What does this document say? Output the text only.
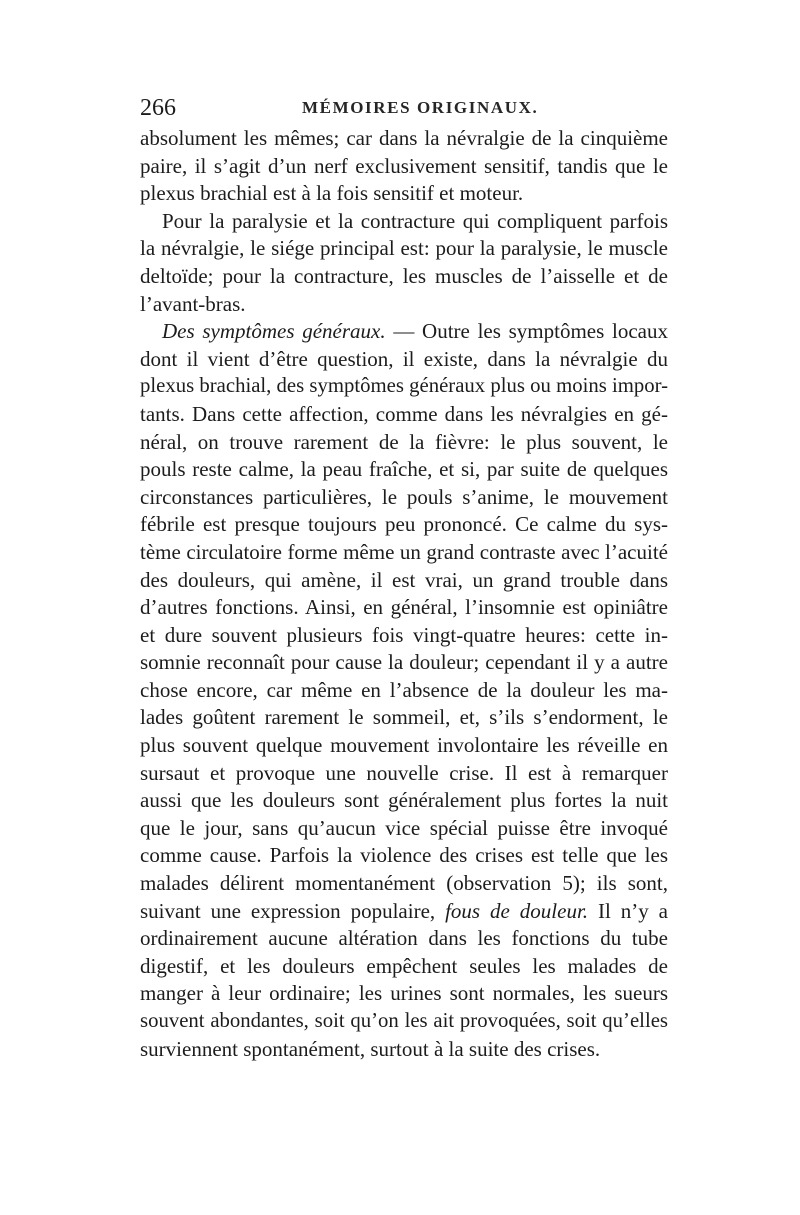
266	MÉMOIRES ORIGINAUX.
absolument les mêmes; car dans la névralgie de la cinquième
paire, il s’agit d’un nerf exclusivement sensitif, tandis que le
plexus brachial est à la fois sensitif et moteur.
Pour la paralysie et la contracture qui compliquent parfois
la névralgie, le siége principal est: pour la paralysie, le muscle
deltoïde; pour la contracture, les muscles de l’aisselle et de
l’avant-bras.
Des symptômes généraux. — Outre les symptômes locaux
dont il vient d’être question, il existe, dans la névralgie du
plexus brachial, des symptômes généraux plus ou moins impor-
tants. Dans cette affection, comme dans les névralgies en gé-
néral, on trouve rarement de la fièvre: le plus souvent, le
pouls reste calme, la peau fraîche, et si, par suite de quelques
circonstances particulières, le pouls s’anime, le mouvement
fébrile est presque toujours peu prononcé. Ce calme du sys-
tème circulatoire forme même un grand contraste avec l’acuité
des douleurs, qui amène, il est vrai, un grand trouble dans
d’autres fonctions. Ainsi, en général, l’insomnie est opiniâtre
et dure souvent plusieurs fois vingt-quatre heures: cette in-
somnie reconnaît pour cause la douleur; cependant il y a autre
chose encore, car même en l’absence de la douleur les ma-
lades goûtent rarement le sommeil, et, s’ils s’endorment, le
plus souvent quelque mouvement involontaire les réveille en
sursaut et provoque une nouvelle crise. Il est à remarquer
aussi que les douleurs sont généralement plus fortes la nuit
que le jour, sans qu’aucun vice spécial puisse être invoqué
comme cause. Parfois la violence des crises est telle que les
malades délirent momentanément (observation 5); ils sont,
suivant une expression populaire, fous de douleur. Il n’y a
ordinairement aucune altération dans les fonctions du tube
digestif, et les douleurs empêchent seules les malades de
manger à leur ordinaire; les urines sont normales, les sueurs
souvent abondantes, soit qu’on les ait provoquées, soit qu’elles
surviennent spontanément, surtout à la suite des crises.
